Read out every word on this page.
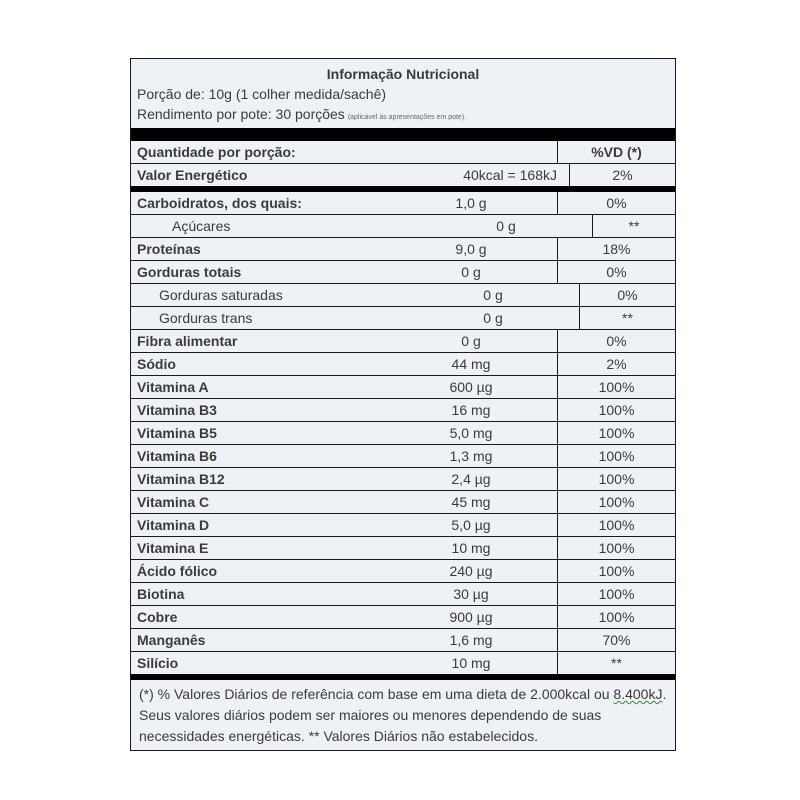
Informação Nutricional
Porção de: 10g (1 colher medida/sachê)
Rendimento por pote: 30 porções (aplicável às apresentações em pote).
Quantidade por porção:	%VD (*)
Valor Energético	40kcal = 168kJ	2%
Carboidratos, dos quais:	1,0 g	0%
Açúcares	0 g	**
Proteínas	9,0 g	18%
Gorduras totais	0 g	0%
Gorduras saturadas	0 g	0%
Gorduras trans	0 g	**
Fibra alimentar	0 g	0%
Sódio	44 mg	2%
Vitamina A	600 µg	100%
Vitamina B3	16 mg	100%
Vitamina B5	5,0 mg	100%
Vitamina B6	1,3 mg	100%
Vitamina B12	2,4 µg	100%
Vitamina C	45 mg	100%
Vitamina D	5,0 µg	100%
Vitamina E	10 mg	100%
Ácido fólico	240 µg	100%
Biotina	30 µg	100%
Cobre	900 µg	100%
Manganês	1,6 mg	70%
Silício	10 mg	**
(*) % Valores Diários de referência com base em uma dieta de 2.000kcal ou 8.400kJ. Seus valores diários podem ser maiores ou menores dependendo de suas necessidades energéticas. ** Valores Diários não estabelecidos.
